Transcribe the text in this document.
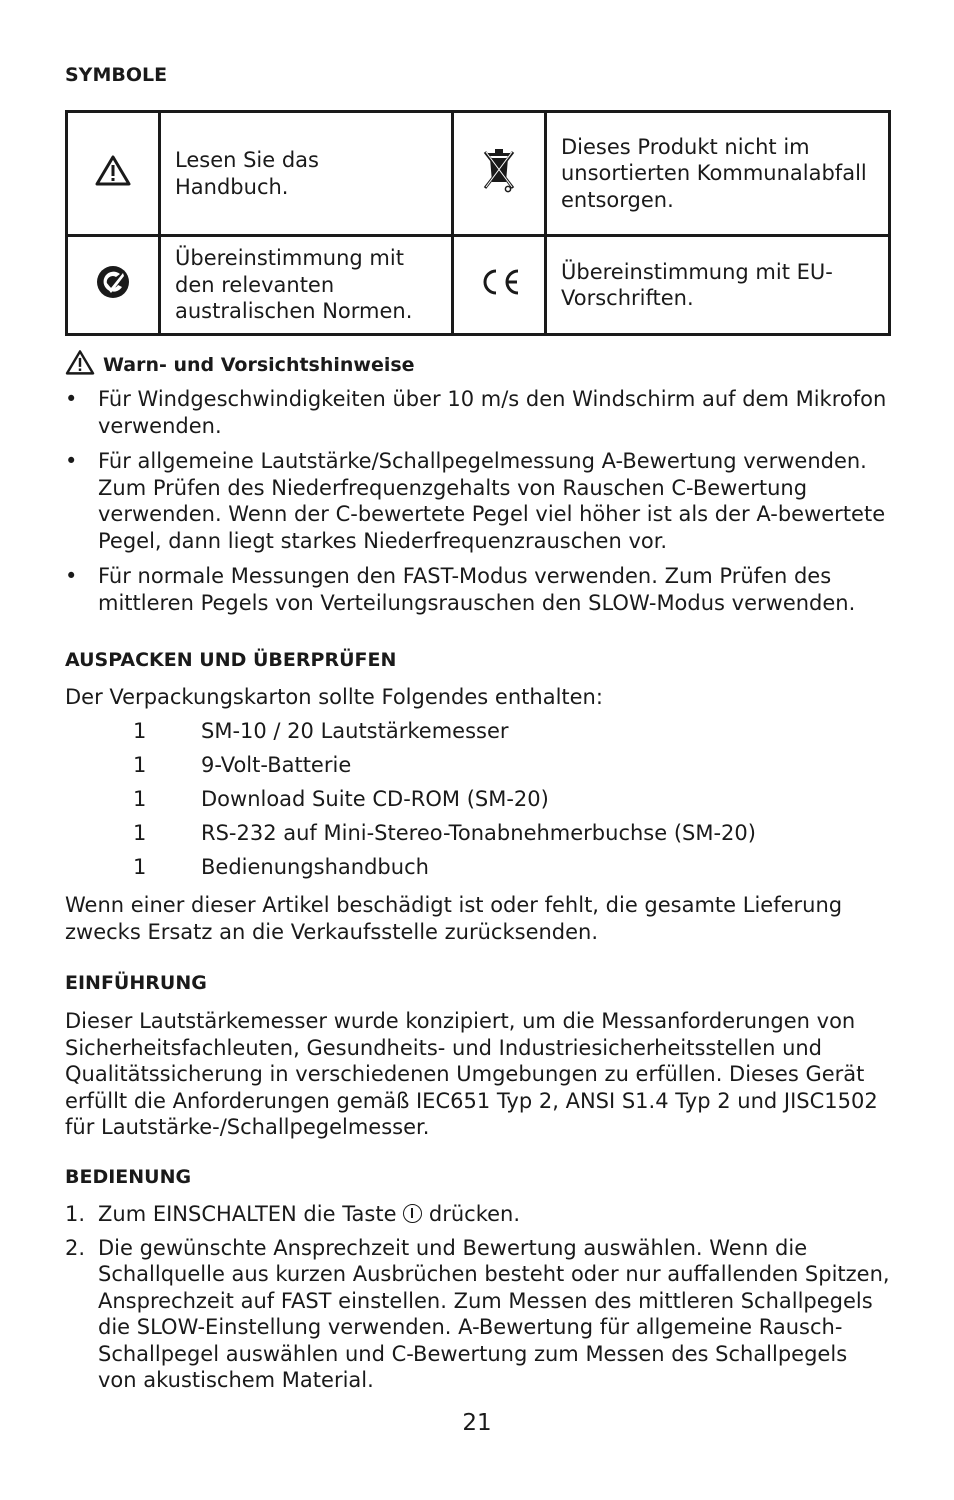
SYMBOLE
	Lesen Sie das Handbuch.		Dieses Produkt nicht im unsortierten Kommunalabfall entsorgen.
	Übereinstimmung mit den relevanten australischen Normen.		Übereinstimmung mit EU-Vorschriften.
Warn- und Vorsichtshinweise
• Für Windgeschwindigkeiten über 10 m/s den Windschirm auf dem Mikrofon verwenden.
• Für allgemeine Lautstärke/Schallpegelmessung A-Bewertung verwenden. Zum Prüfen des Niederfrequenzgehalts von Rauschen C-Bewertung verwenden. Wenn der C-bewertete Pegel viel höher ist als der A-bewertete Pegel, dann liegt starkes Niederfrequenzrauschen vor.
• Für normale Messungen den FAST-Modus verwenden. Zum Prüfen des mittleren Pegels von Verteilungsrauschen den SLOW-Modus verwenden.
AUSPACKEN UND ÜBERPRÜFEN

Der Verpackungskarton sollte Folgendes enthalten:

1	SM-10 / 20 Lautstärkemesser
1	9-Volt-Batterie
1	Download Suite CD-ROM (SM-20)
1	RS-232 auf Mini-Stereo-Tonabnehmerbuchse (SM-20)
1	Bedienungshandbuch

Wenn einer dieser Artikel beschädigt ist oder fehlt, die gesamte Lieferung zwecks Ersatz an die Verkaufsstelle zurücksenden.

EINFÜHRUNG

Dieser Lautstärkemesser wurde konzipiert, um die Messanforderungen von Sicherheitsfachleuten, Gesundheits- und Industriesicherheitsstellen und Qualitätssicherung in verschiedenen Umgebungen zu erfüllen. Dieses Gerät erfüllt die Anforderungen gemäß IEC651 Typ 2, ANSI S1.4 Typ 2 und JISC1502 für Lautstärke-/Schallpegelmesser.

BEDIENUNG
1. Zum EINSCHALTEN die Taste drücken.
2. Die gewünschte Ansprechzeit und Bewertung auswählen. Wenn die Schallquelle aus kurzen Ausbrüchen besteht oder nur auffallenden Spitzen, Ansprechzeit auf FAST einstellen. Zum Messen des mittleren Schallpegels die SLOW-Einstellung verwenden. A-Bewertung für allgemeine Rausch-Schallpegel auswählen und C-Bewertung zum Messen des Schallpegels von akustischem Material.
21
